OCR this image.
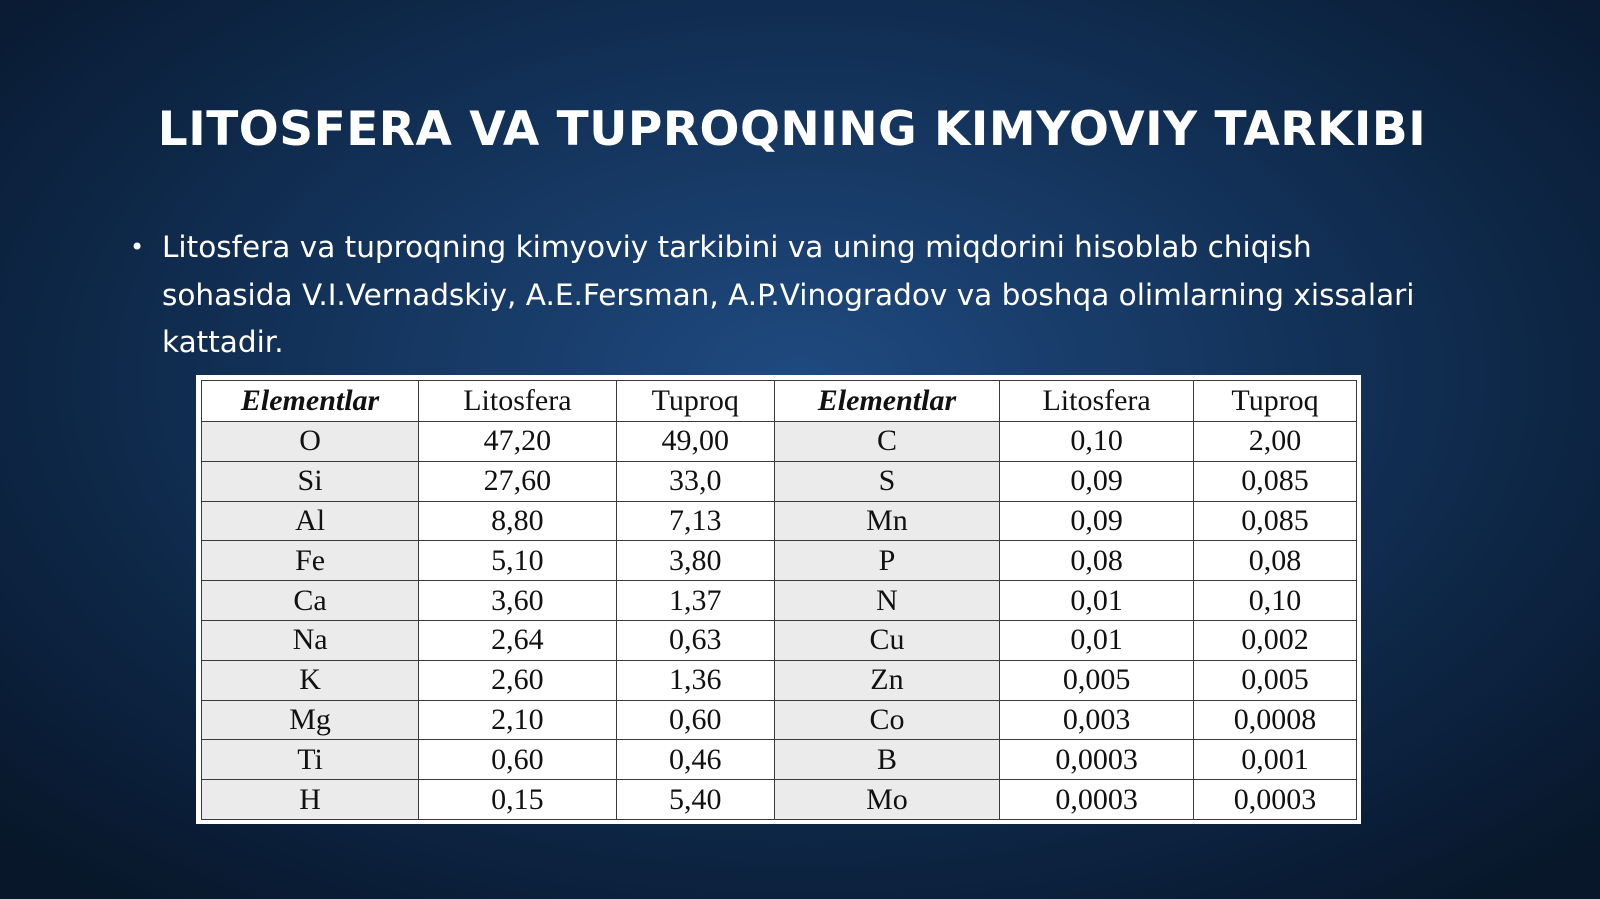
LITOSFERA VA TUPROQNING KIMYOVIY TARKIBI
• Litosfera va tuproqning kimyoviy tarkibini va uning miqdorini hisoblab chiqish sohasida V.I.Vernadskiy, A.E.Fersman, A.P.Vinogradov va boshqa olimlarning xissalari kattadir.
Elementlar	Litosfera	Tuproq	Elementlar	Litosfera	Tuproq
O	47,20	49,00	C	0,10	2,00
Si	27,60	33,0	S	0,09	0,085
Al	8,80	7,13	Mn	0,09	0,085
Fe	5,10	3,80	P	0,08	0,08
Ca	3,60	1,37	N	0,01	0,10
Na	2,64	0,63	Cu	0,01	0,002
K	2,60	1,36	Zn	0,005	0,005
Mg	2,10	0,60	Co	0,003	0,0008
Ti	0,60	0,46	B	0,0003	0,001
H	0,15	5,40	Mo	0,0003	0,0003
